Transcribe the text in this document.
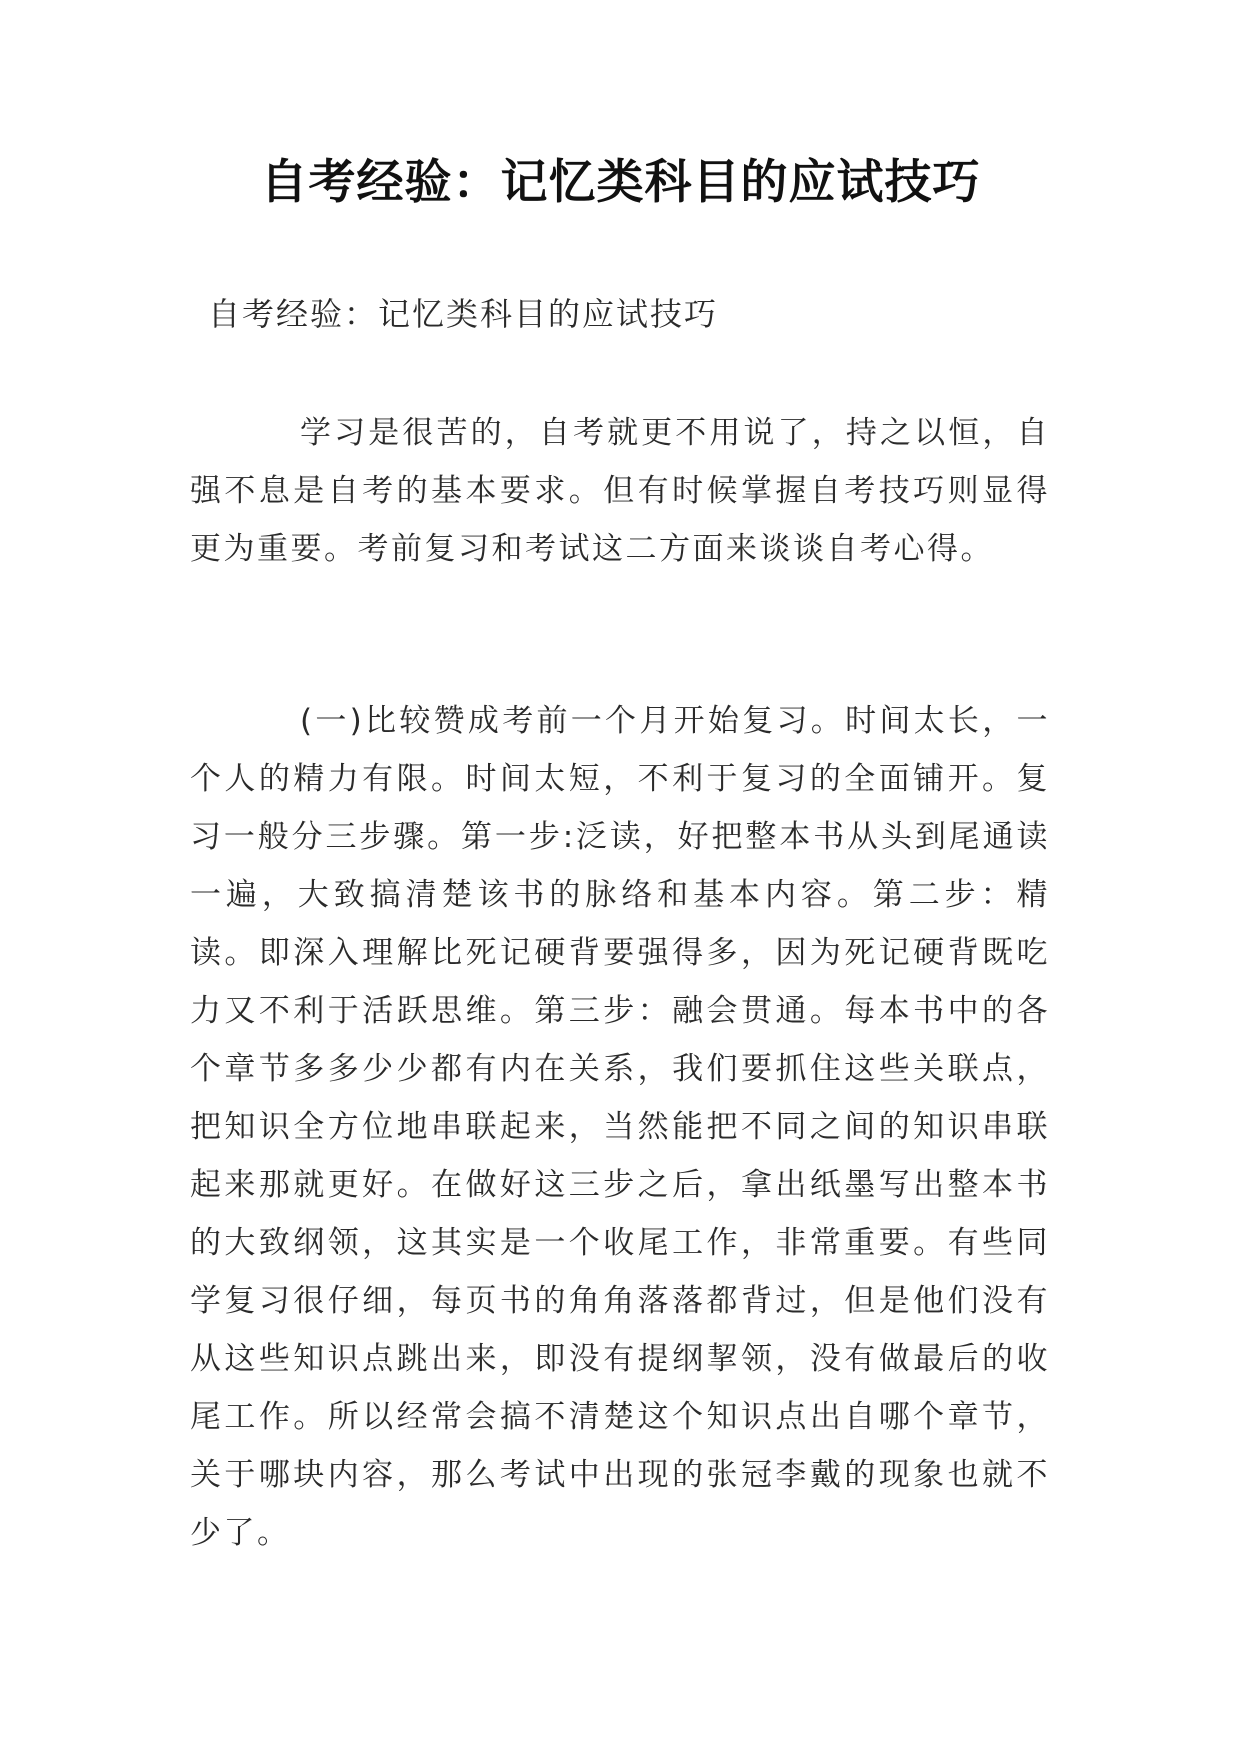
自考经验：记忆类科目的应试技巧
自考经验：记忆类科目的应试技巧

学习是很苦的，自考就更不用说了，持之以恒，自强不息是自考的基本要求。但有时候掌握自考技巧则显得更为重要。考前复习和考试这二方面来谈谈自考心得。

(一)比较赞成考前一个月开始复习。时间太长，一个人的精力有限。时间太短，不利于复习的全面铺开。复习一般分三步骤。第一步:泛读，好把整本书从头到尾通读一遍，大致搞清楚该书的脉络和基本内容。第二步：精读。即深入理解比死记硬背要强得多，因为死记硬背既吃力又不利于活跃思维。第三步：融会贯通。每本书中的各个章节多多少少都有内在关系，我们要抓住这些关联点，把知识全方位地串联起来，当然能把不同之间的知识串联起来那就更好。在做好这三步之后，拿出纸墨写出整本书的大致纲领，这其实是一个收尾工作，非常重要。有些同学复习很仔细，每页书的角角落落都背过，但是他们没有从这些知识点跳出来，即没有提纲挈领，没有做最后的收尾工作。所以经常会搞不清楚这个知识点出自哪个章节，关于哪块内容，那么考试中出现的张冠李戴的现象也就不少了。
